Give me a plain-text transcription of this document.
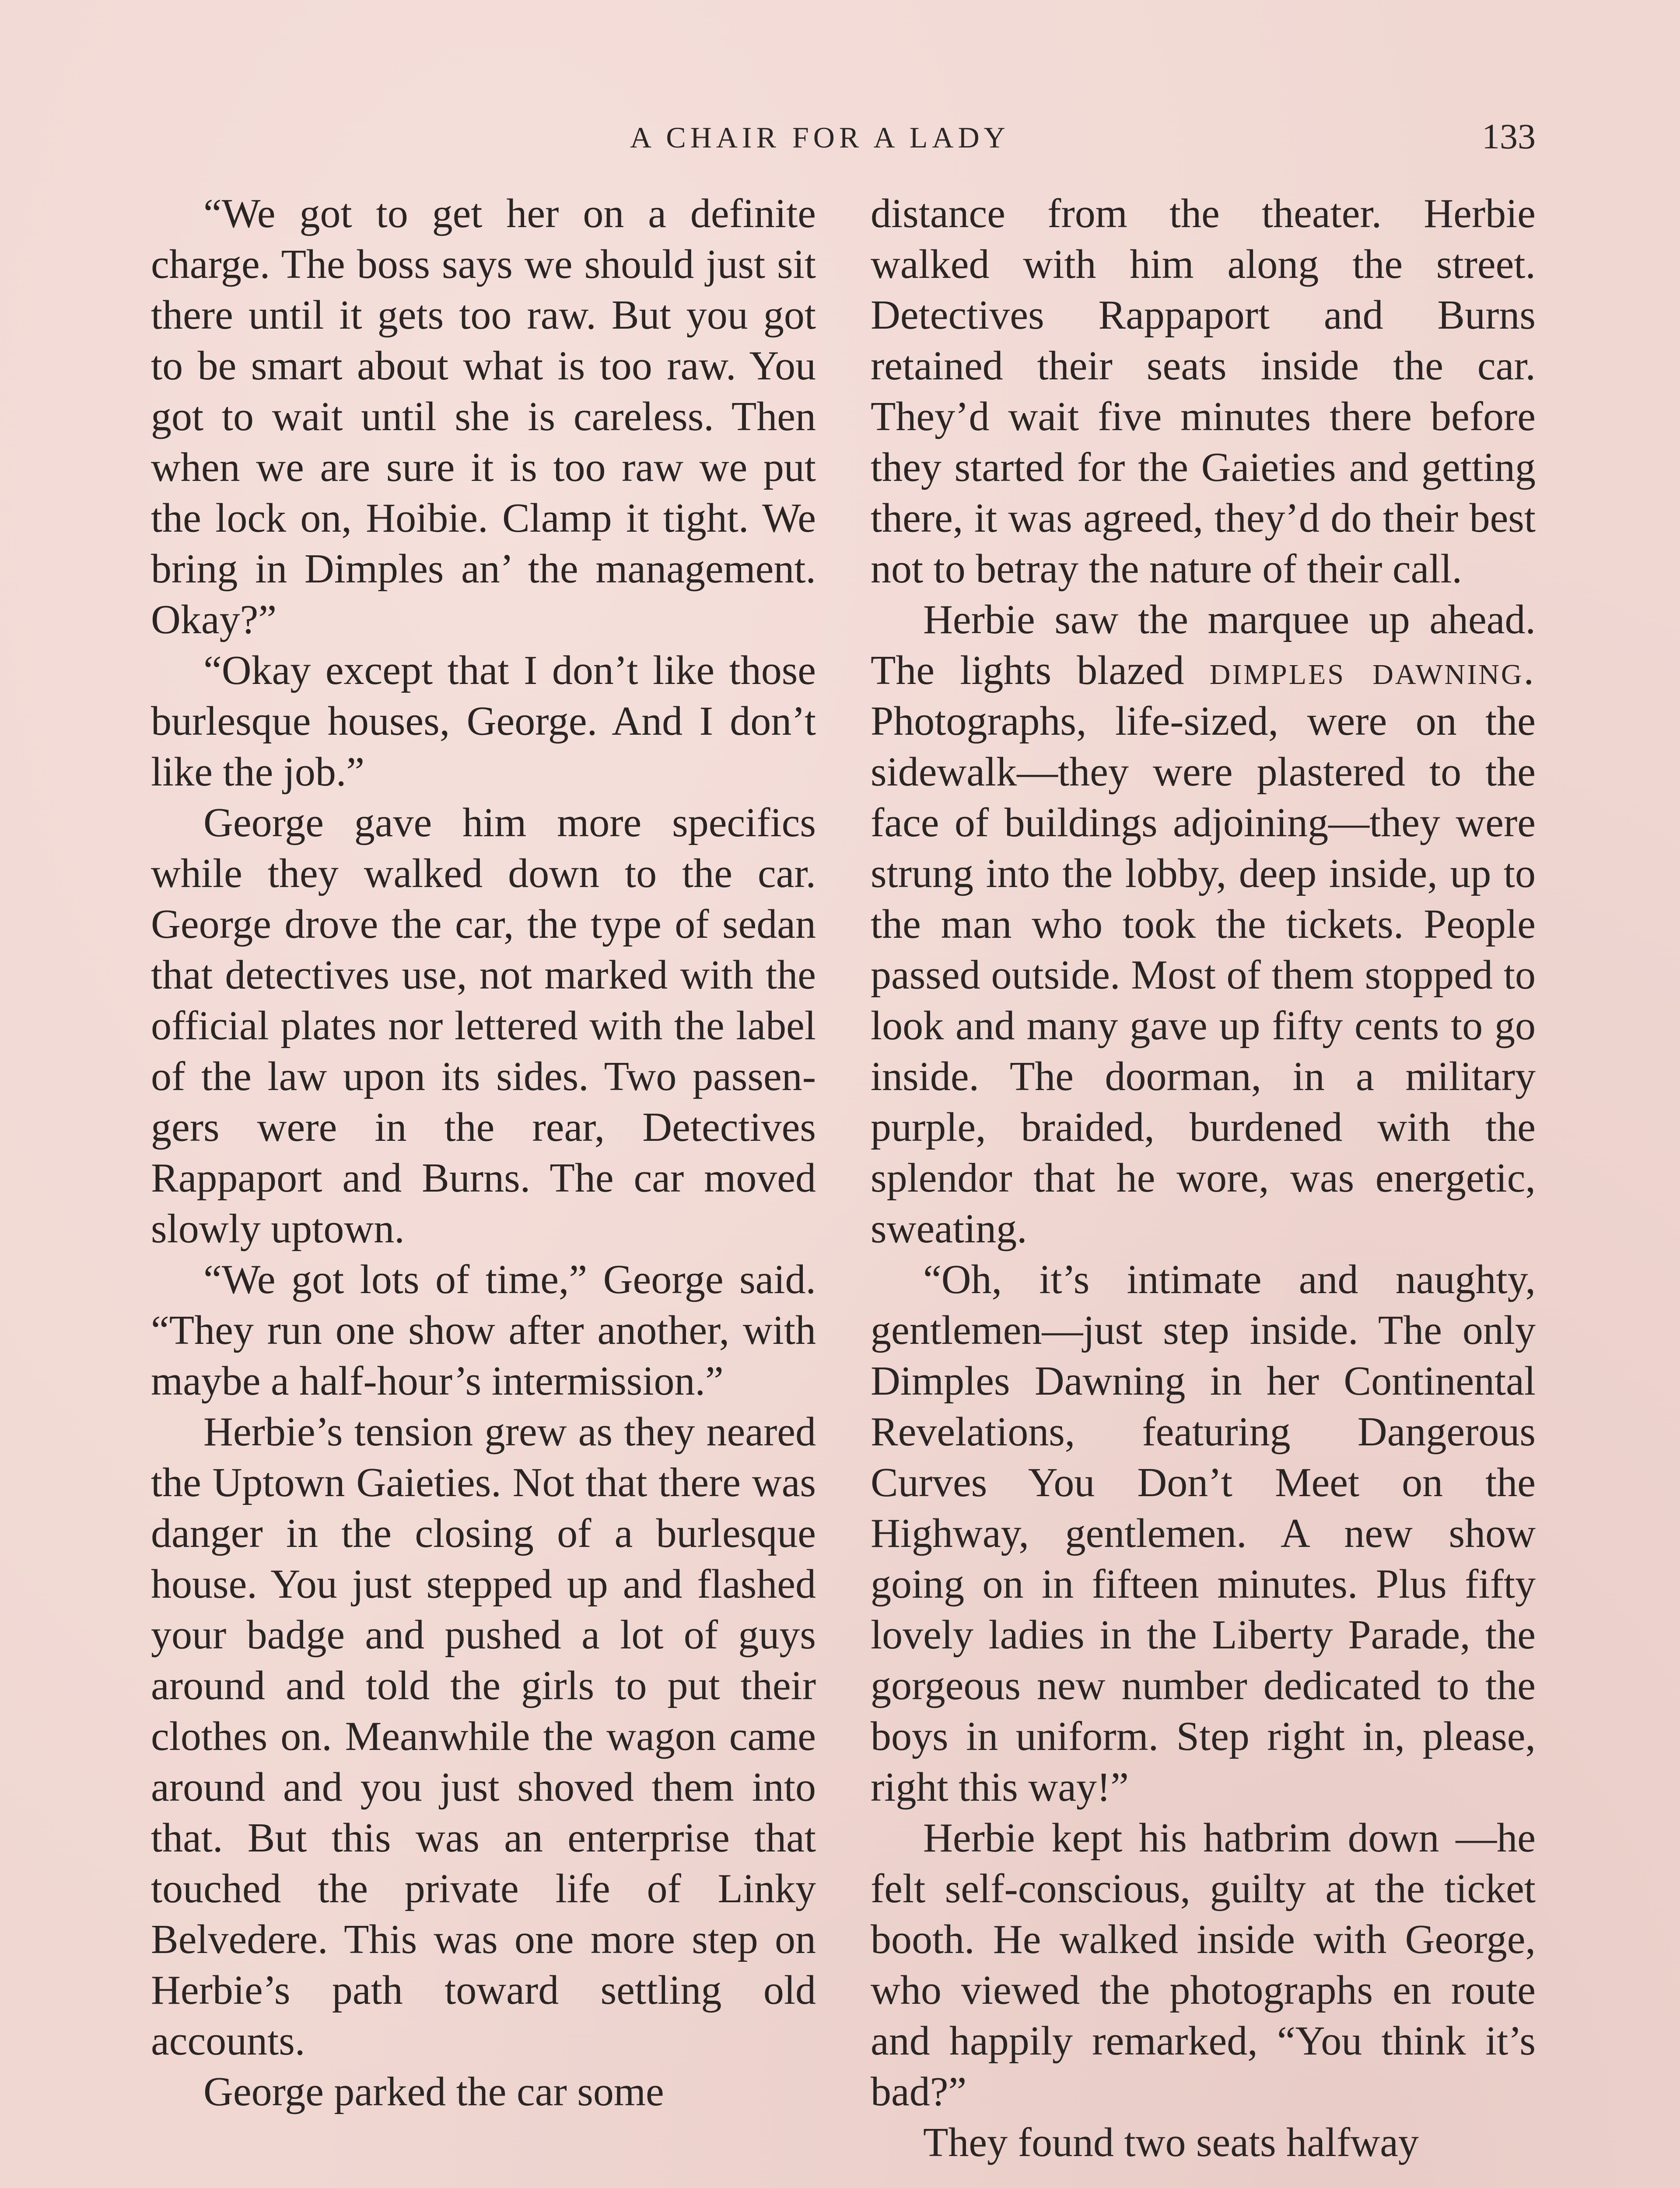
A CHAIR FOR A LADY	133

“We got to get her on a definite charge. The boss says we should just sit there until it gets too raw. But you got to be smart about what is too raw. You got to wait until she is careless. Then when we are sure it is too raw we put the lock on, Hoibie. Clamp it tight. We bring in Dimples an’ the management. Okay?”

“Okay except that I don’t like those burlesque houses, George. And I don’t like the job.”

George gave him more specifics while they walked down to the car. George drove the car, the type of sedan that detectives use, not marked with the official plates nor lettered with the label of the law upon its sides. Two passengers were in the rear, Detectives Rappaport and Burns. The car moved slowly uptown.

“We got lots of time,” George said. “They run one show after another, with maybe a half-hour’s intermission.”

Herbie’s tension grew as they neared the Uptown Gaieties. Not that there was danger in the closing of a burlesque house. You just stepped up and flashed your badge and pushed a lot of guys around and told the girls to put their clothes on. Meanwhile the wagon came around and you just shoved them into that. But this was an enterprise that touched the private life of Linky Belvedere. This was one more step on Herbie’s path toward settling old accounts.

George parked the car some

distance from the theater. Herbie walked with him along the street. Detectives Rappaport and Burns retained their seats inside the car. They’d wait five minutes there before they started for the Gaieties and getting there, it was agreed, they’d do their best not to betray the nature of their call.

Herbie saw the marquee up ahead. The lights blazed dimples dawning. Photographs, life-sized, were on the sidewalk—they were plastered to the face of buildings adjoining—they were strung into the lobby, deep inside, up to the man who took the tickets. People passed outside. Most of them stopped to look and many gave up fifty cents to go inside. The doorman, in a military purple, braided, burdened with the splendor that he wore, was energetic, sweating.

“Oh, it’s intimate and naughty, gentlemen—just step inside. The only Dimples Dawning in her Continental Revelations, featuring Dangerous Curves You Don’t Meet on the Highway, gentlemen. A new show going on in fifteen minutes. Plus fifty lovely ladies in the Liberty Parade, the gorgeous new number dedicated to the boys in uniform. Step right in, please, right this way!”

Herbie kept his hatbrim down —he felt self-conscious, guilty at the ticket booth. He walked inside with George, who viewed the photographs en route and happily remarked, “You think it’s bad?”

They found two seats halfway
